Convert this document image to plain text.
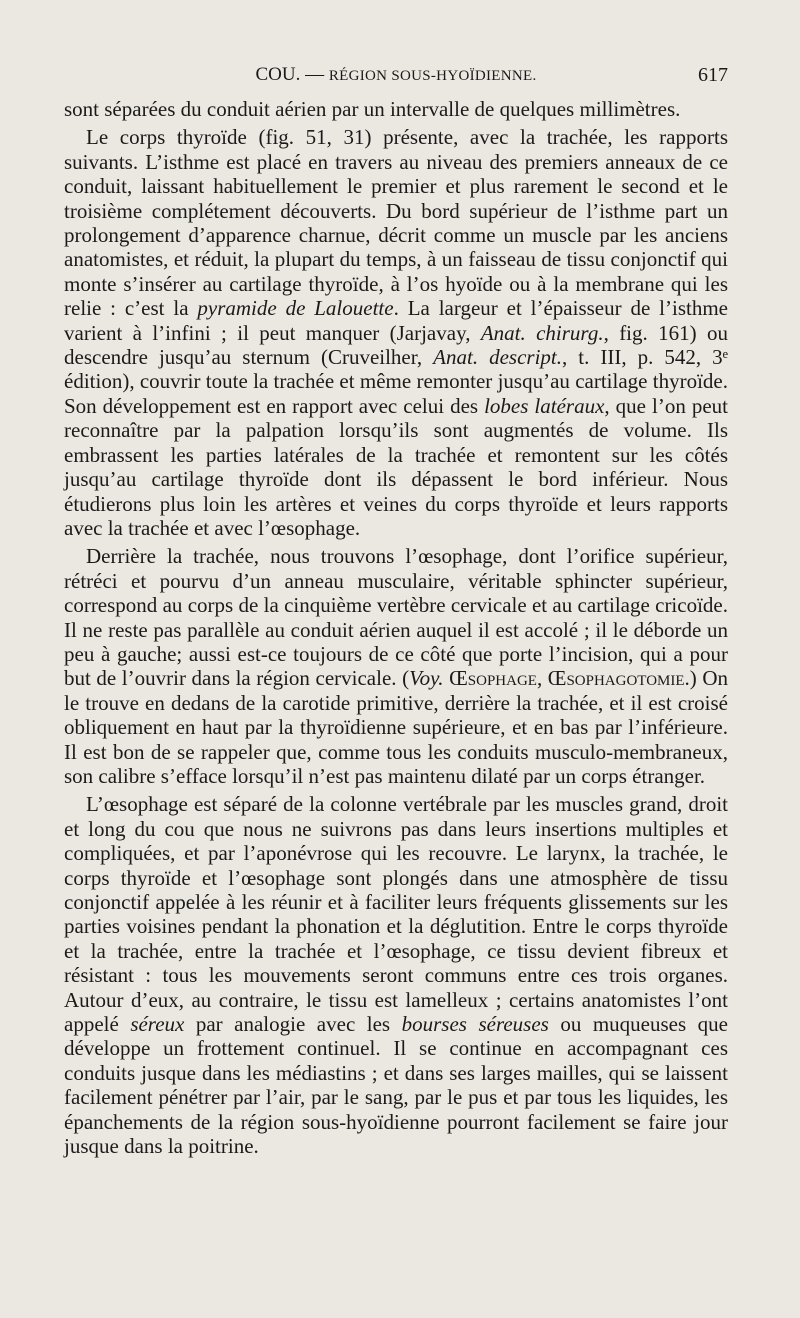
COU. — RÉGION SOUS-HYOÏDIENNE.	617

sont séparées du conduit aérien par un intervalle de quelques millimètres.

Le corps thyroïde (fig. 51, 31) présente, avec la trachée, les rapports suivants. L’isthme est placé en travers au niveau des premiers anneaux de ce conduit, laissant habituellement le premier et plus rarement le second et le troisième complétement découverts. Du bord supérieur de l’isthme part un prolongement d’apparence charnue, décrit comme un muscle par les anciens anatomistes, et réduit, la plupart du temps, à un faisseau de tissu conjonctif qui monte s’insérer au cartilage thyroïde, à l’os hyoïde ou à la membrane qui les relie : c’est la pyramide de Lalouette. La largeur et l’épaisseur de l’isthme varient à l’infini ; il peut manquer (Jarjavay, Anat. chirurg., fig. 161) ou descendre jusqu’au sternum (Cruveilher, Anat. descript., t. III, p. 542, 3ᵉ édition), couvrir toute la trachée et même remonter jusqu’au cartilage thyroïde. Son développement est en rapport avec celui des lobes latéraux, que l’on peut reconnaître par la palpation lorsqu’ils sont augmentés de volume. Ils embrassent les parties latérales de la trachée et remontent sur les côtés jusqu’au cartilage thyroïde dont ils dépassent le bord inférieur. Nous étudierons plus loin les artères et veines du corps thyroïde et leurs rapports avec la trachée et avec l’œsophage.

Derrière la trachée, nous trouvons l’œsophage, dont l’orifice supérieur, rétréci et pourvu d’un anneau musculaire, véritable sphincter supérieur, correspond au corps de la cinquième vertèbre cervicale et au cartilage cricoïde. Il ne reste pas parallèle au conduit aérien auquel il est accolé ; il le déborde un peu à gauche; aussi est-ce toujours de ce côté que porte l’incision, qui a pour but de l’ouvrir dans la région cervicale. (Voy. Œsophage, Œsophagotomie.) On le trouve en dedans de la carotide primitive, derrière la trachée, et il est croisé obliquement en haut par la thyroïdienne supérieure, et en bas par l’inférieure. Il est bon de se rappeler que, comme tous les conduits musculo-membraneux, son calibre s’efface lorsqu’il n’est pas maintenu dilaté par un corps étranger.

L’œsophage est séparé de la colonne vertébrale par les muscles grand, droit et long du cou que nous ne suivrons pas dans leurs insertions multiples et compliquées, et par l’aponévrose qui les recouvre. Le larynx, la trachée, le corps thyroïde et l’œsophage sont plongés dans une atmosphère de tissu conjonctif appelée à les réunir et à faciliter leurs fréquents glissements sur les parties voisines pendant la phonation et la déglutition. Entre le corps thyroïde et la trachée, entre la trachée et l’œsophage, ce tissu devient fibreux et résistant : tous les mouvements seront communs entre ces trois organes. Autour d’eux, au contraire, le tissu est lamelleux ; certains anatomistes l’ont appelé séreux par analogie avec les bourses séreuses ou muqueuses que développe un frottement continuel. Il se continue en accompagnant ces conduits jusque dans les médiastins ; et dans ses larges mailles, qui se laissent facilement pénétrer par l’air, par le sang, par le pus et par tous les liquides, les épanchements de la région sous-hyoïdienne pourront facilement se faire jour jusque dans la poitrine.
